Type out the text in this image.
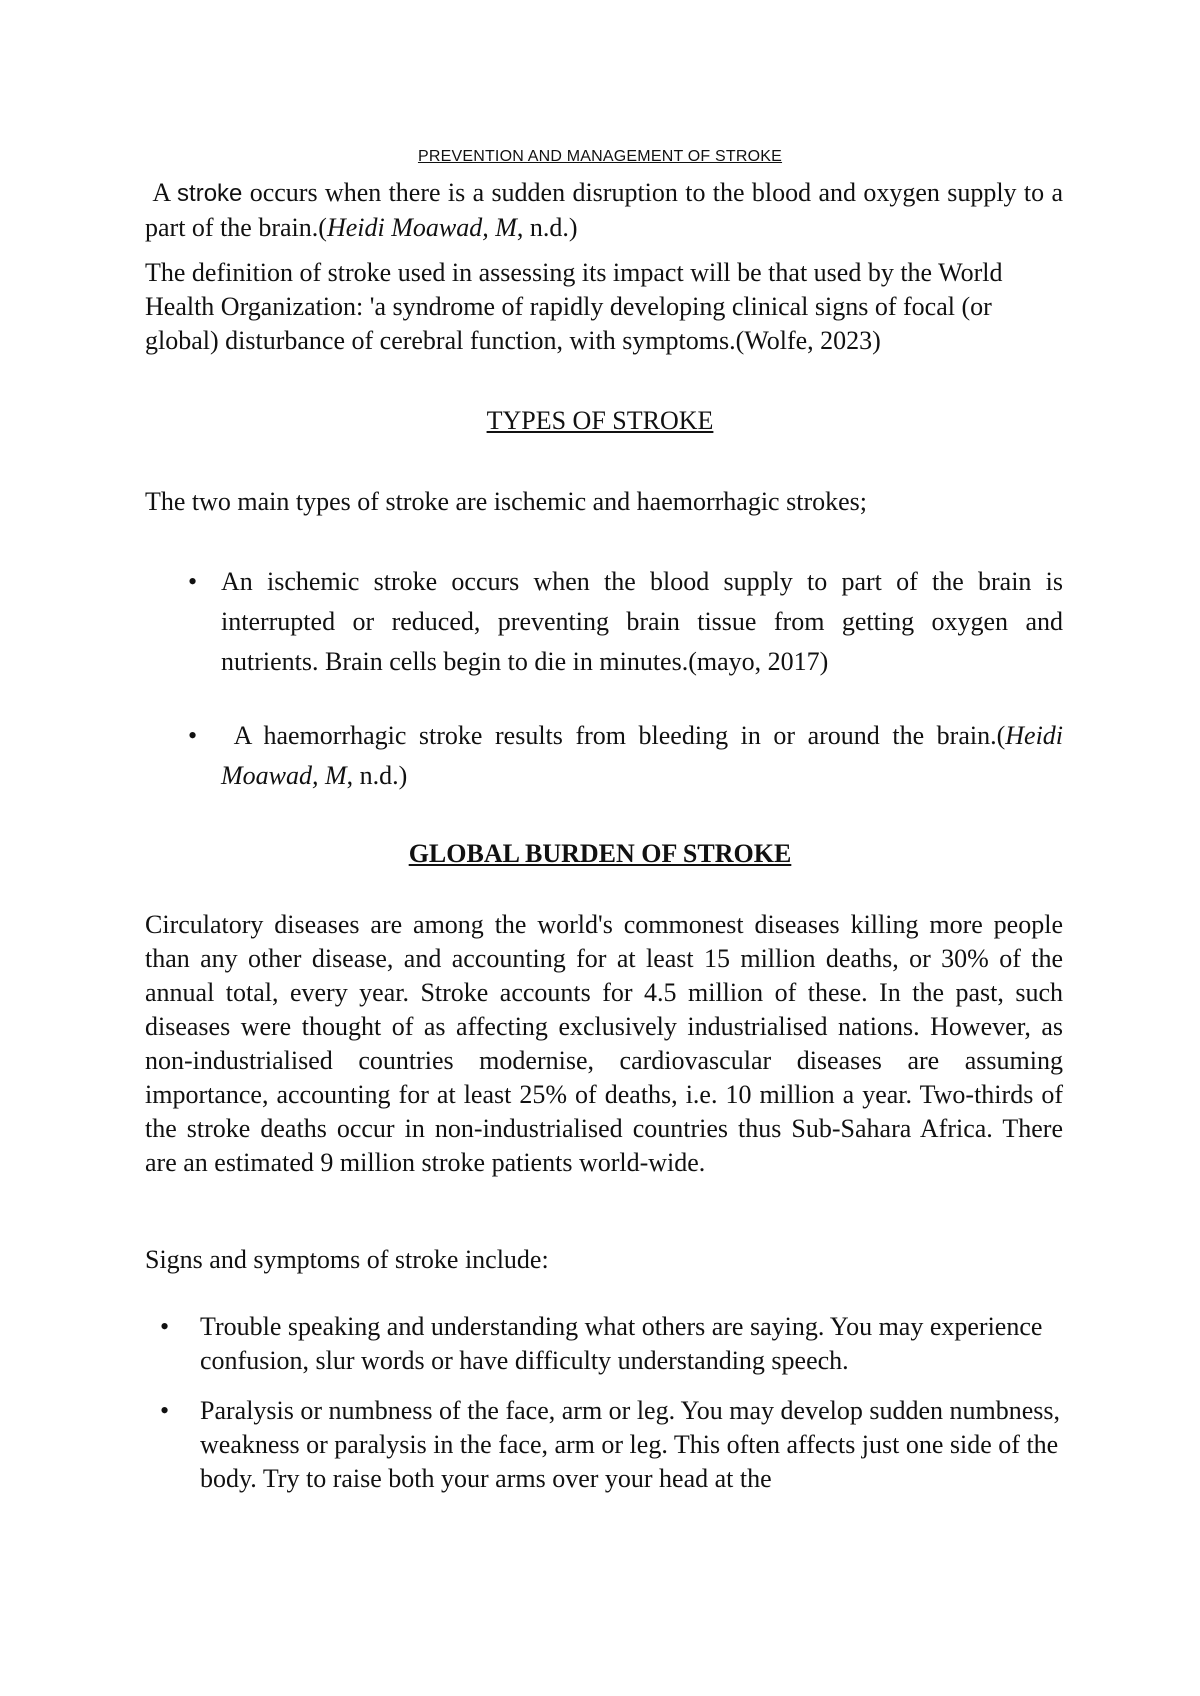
PREVENTION AND MANAGEMENT OF STROKE

A stroke occurs when there is a sudden disruption to the blood and oxygen supply to a part of the brain.(Heidi Moawad, M, n.d.)

The definition of stroke used in assessing its impact will be that used by the World Health Organization: 'a syndrome of rapidly developing clinical signs of focal (or global) disturbance of cerebral function, with symptoms.(Wolfe, 2023)

TYPES OF STROKE

The two main types of stroke are ischemic and haemorrhagic strokes;

• An ischemic stroke occurs when the blood supply to part of the brain is interrupted or reduced, preventing brain tissue from getting oxygen and nutrients. Brain cells begin to die in minutes.(mayo, 2017)
• A haemorrhagic stroke results from bleeding in or around the brain.(Heidi Moawad, M, n.d.)
GLOBAL BURDEN OF STROKE

Circulatory diseases are among the world's commonest diseases killing more people than any other disease, and accounting for at least 15 million deaths, or 30% of the annual total, every year. Stroke accounts for 4.5 million of these. In the past, such diseases were thought of as affecting exclusively industrialised nations. However, as non-industrialised countries modernise, cardiovascular diseases are assuming importance, accounting for at least 25% of deaths, i.e. 10 million a year. Two-thirds of the stroke deaths occur in non-industrialised countries thus Sub-Sahara Africa. There are an estimated 9 million stroke patients world-wide.

Signs and symptoms of stroke include:

• Trouble speaking and understanding what others are saying. You may experience confusion, slur words or have difficulty understanding speech.
• Paralysis or numbness of the face, arm or leg. You may develop sudden numbness, weakness or paralysis in the face, arm or leg. This often affects just one side of the body. Try to raise both your arms over your head at the
